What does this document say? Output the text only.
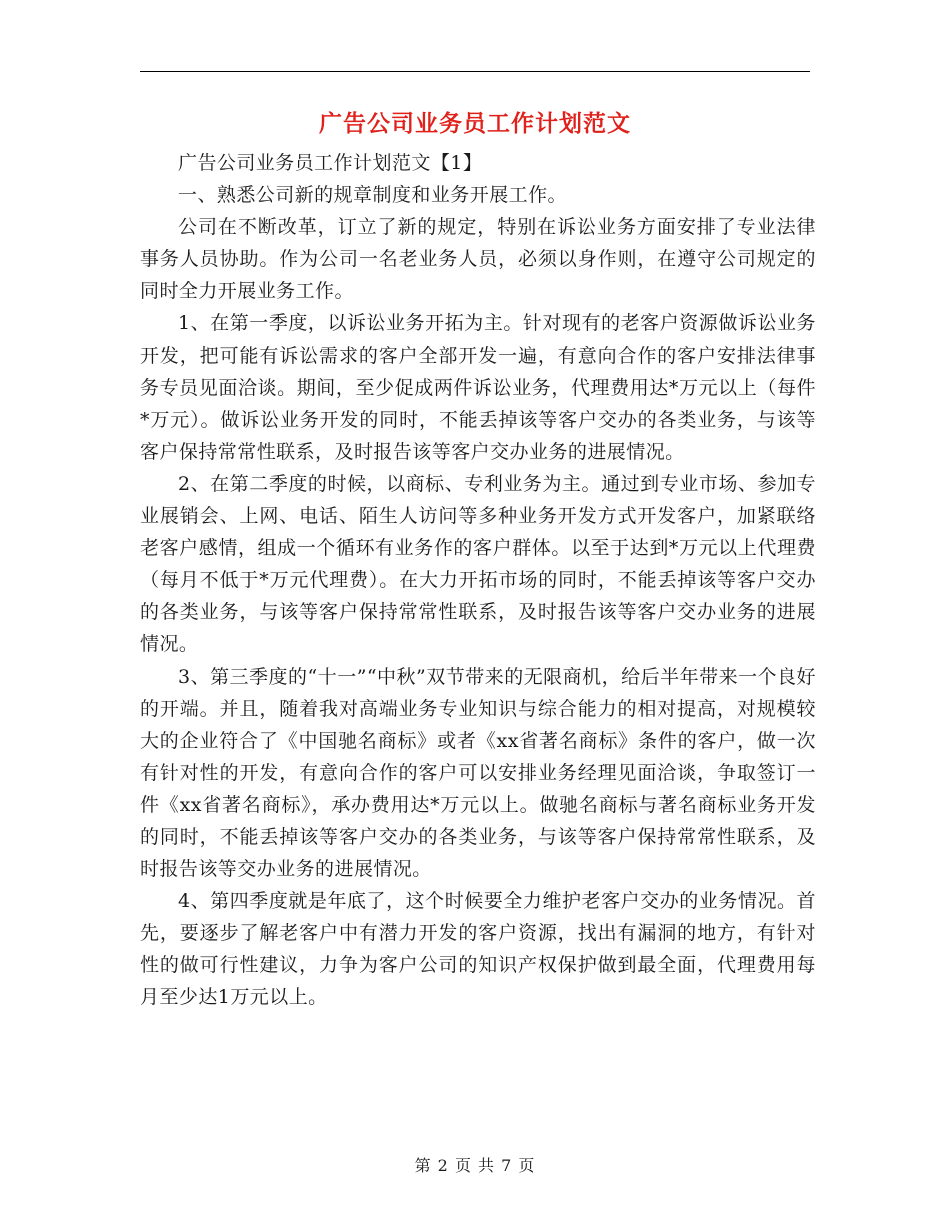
广告公司业务员工作计划范文

广告公司业务员工作计划范文【1】

一、熟悉公司新的规章制度和业务开展工作。

公司在不断改革，订立了新的规定，特别在诉讼业务方面安排了专业法律事务人员协助。作为公司一名老业务人员，必须以身作则，在遵守公司规定的同时全力开展业务工作。

1、在第一季度，以诉讼业务开拓为主。针对现有的老客户资源做诉讼业务开发，把可能有诉讼需求的客户全部开发一遍，有意向合作的客户安排法律事务专员见面洽谈。期间，至少促成两件诉讼业务，代理费用达*万元以上（每件*万元）。做诉讼业务开发的同时，不能丢掉该等客户交办的各类业务，与该等客户保持常常性联系，及时报告该等客户交办业务的进展情况。

2、在第二季度的时候，以商标、专利业务为主。通过到专业市场、参加专业展销会、上网、电话、陌生人访问等多种业务开发方式开发客户，加紧联络老客户感情，组成一个循环有业务作的客户群体。以至于达到*万元以上代理费（每月不低于*万元代理费）。在大力开拓市场的同时，不能丢掉该等客户交办的各类业务，与该等客户保持常常性联系，及时报告该等客户交办业务的进展情况。

3、第三季度的“十一”“中秋”双节带来的无限商机，给后半年带来一个良好的开端。并且，随着我对高端业务专业知识与综合能力的相对提高，对规模较大的企业符合了《中国驰名商标》或者《xx省著名商标》条件的客户，做一次有针对性的开发，有意向合作的客户可以安排业务经理见面洽谈，争取签订一件《xx省著名商标》，承办费用达*万元以上。做驰名商标与著名商标业务开发的同时，不能丢掉该等客户交办的各类业务，与该等客户保持常常性联系，及时报告该等交办业务的进展情况。

4、第四季度就是年底了，这个时候要全力维护老客户交办的业务情况。首先，要逐步了解老客户中有潜力开发的客户资源，找出有漏洞的地方，有针对性的做可行性建议，力争为客户公司的知识产权保护做到最全面，代理费用每月至少达1万元以上。

第 2 页 共 7 页
